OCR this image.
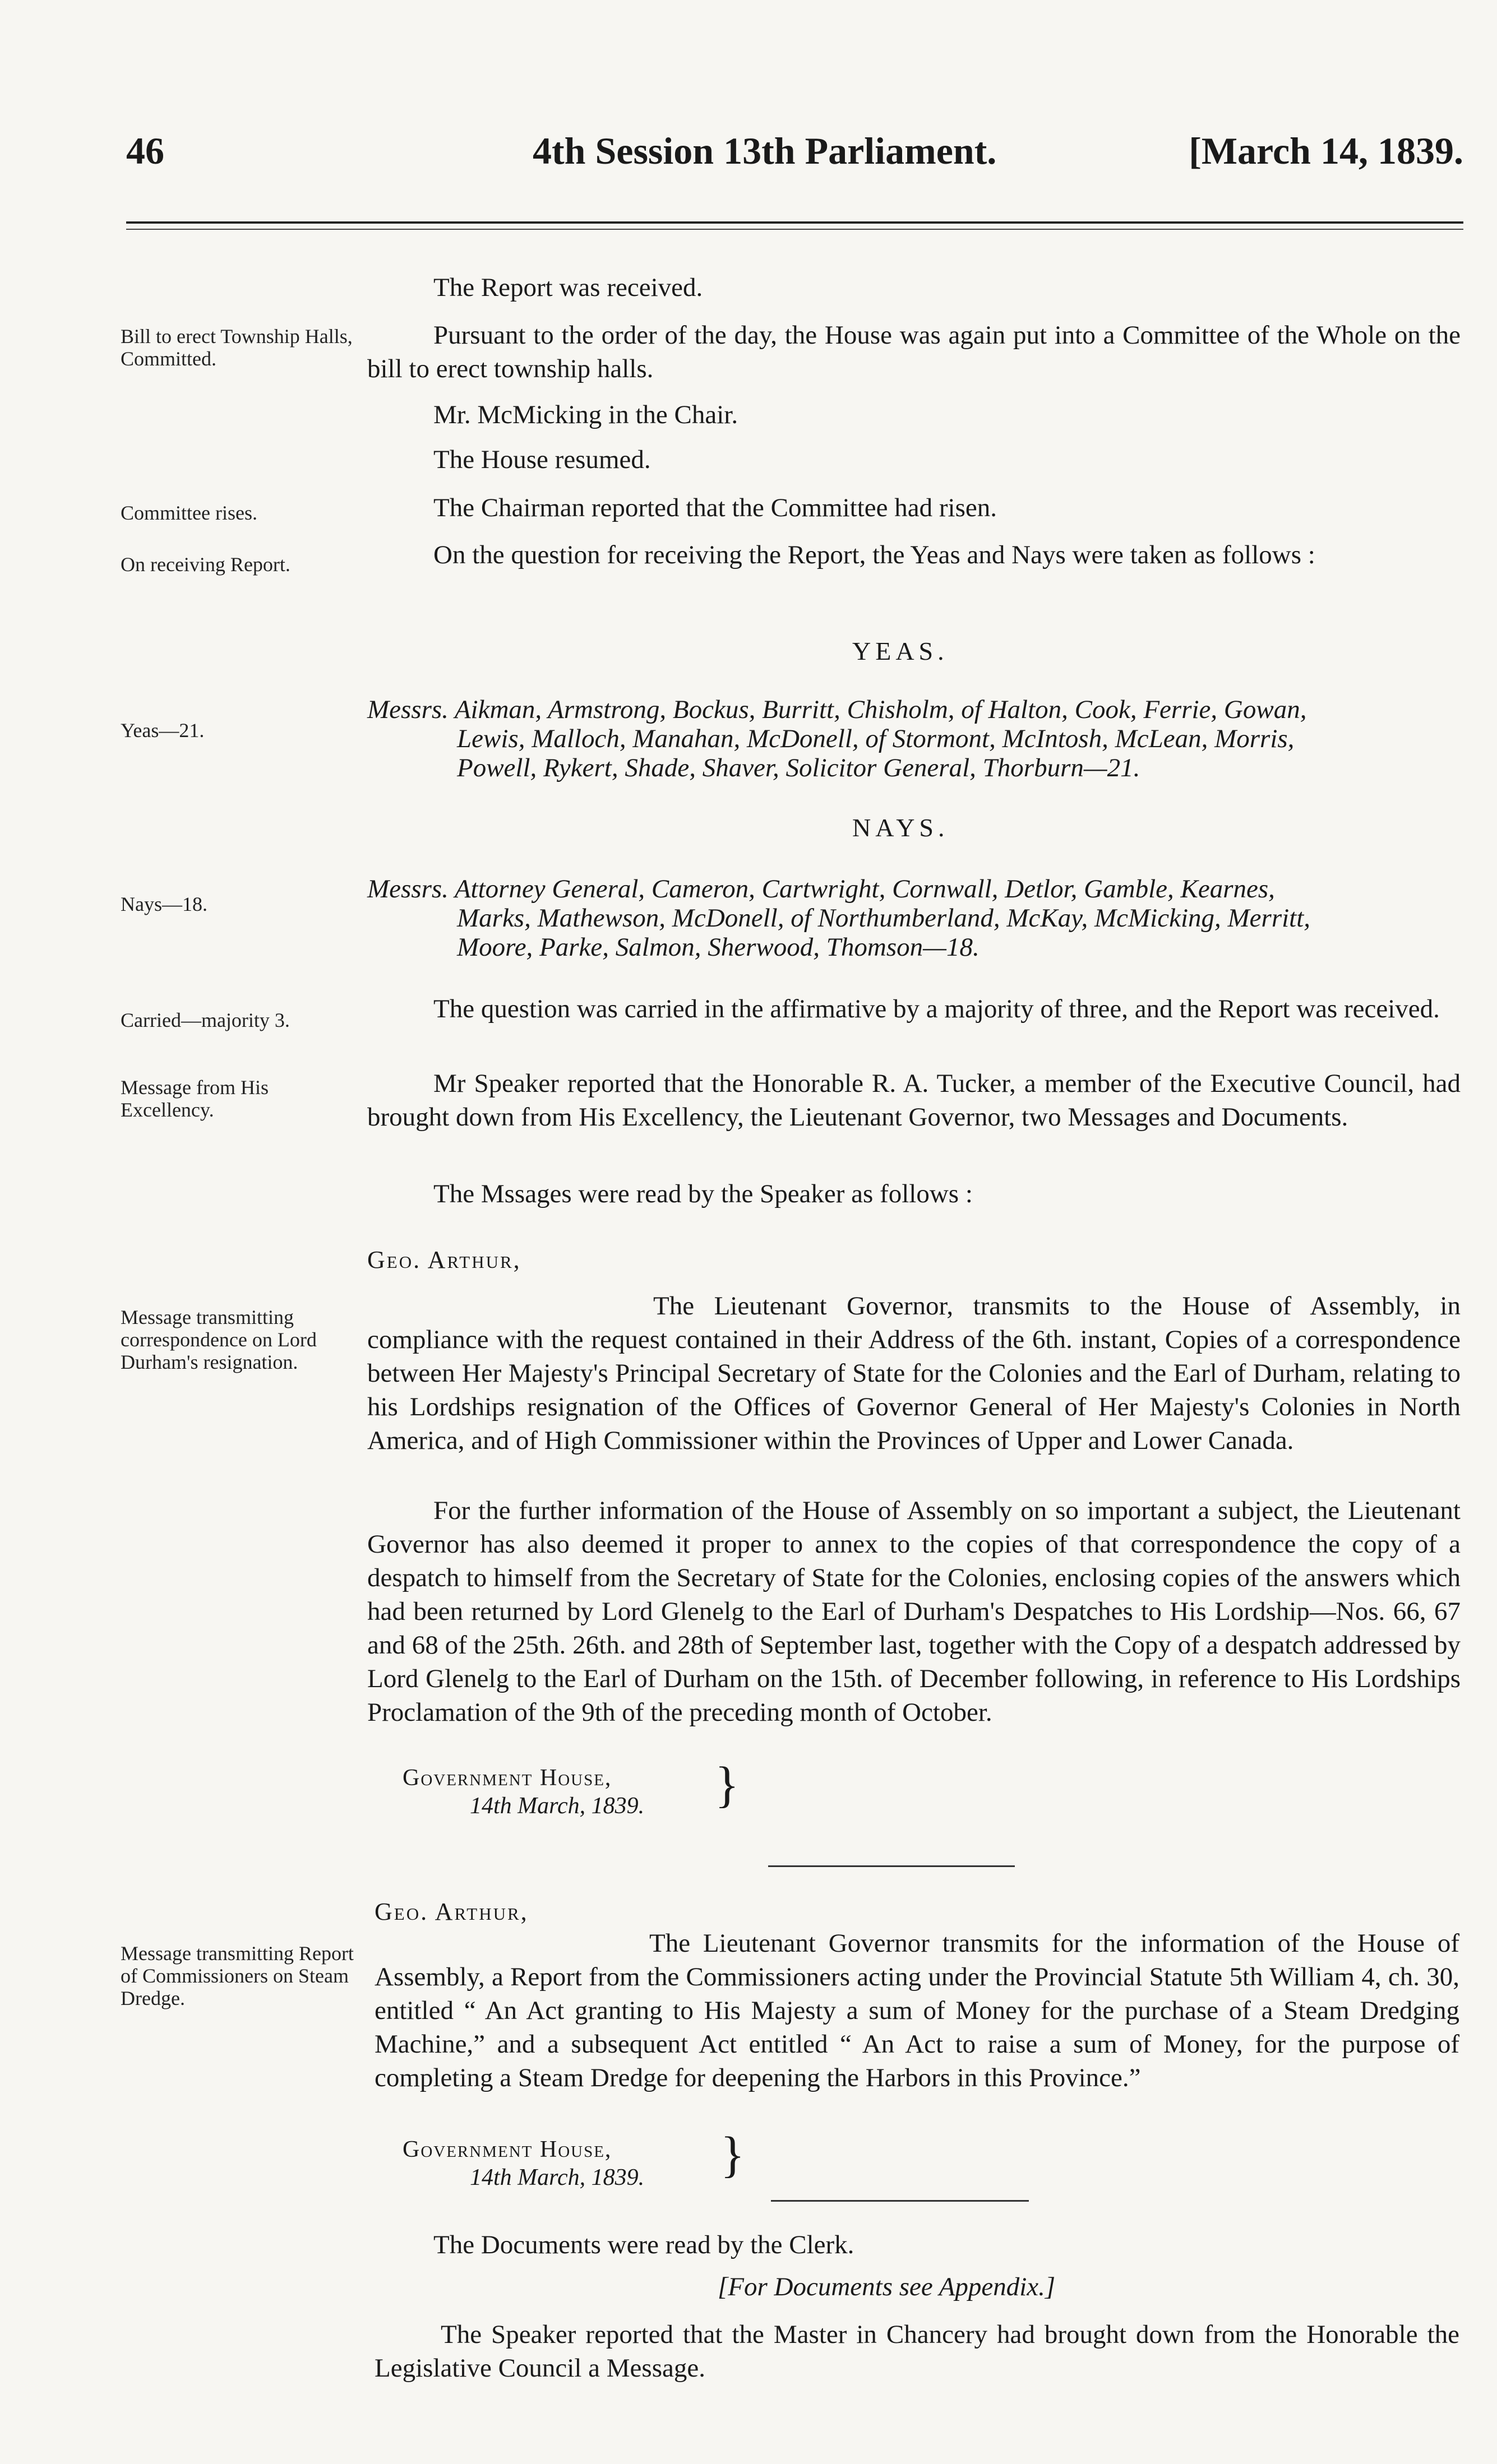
46	4th Session 13th Parliament.	[March 14, 1839.
The Report was received.
Bill to erect Township Halls, Committed.
Pursuant to the order of the day, the House was again put into a Committee of the Whole on the bill to erect township halls.
Mr. McMicking in the Chair.
The House resumed.
Committee rises.	The Chairman reported that the Committee had risen.
On receiving Report.	On the question for receiving the Report, the Yeas and Nays were taken as follows :
YEAS.
Yeas—21.
Messrs. Aikman, Armstrong, Bockus, Burritt, Chisholm, of Halton, Cook, Ferrie, Gowan,
Lewis, Malloch, Manahan, McDonell, of Stormont, McIntosh, McLean, Morris,
Powell, Rykert, Shade, Shaver, Solicitor General, Thorburn—21.
NAYS.
Nays—18.
Messrs. Attorney General, Cameron, Cartwright, Cornwall, Detlor, Gamble, Kearnes,
Marks, Mathewson, McDonell, of Northumberland, McKay, McMicking, Merritt,
Moore, Parke, Salmon, Sherwood, Thomson—18.
Carried—majority 3.	The question was carried in the affirmative by a majority of three, and the Report was received.
Message from His Excellency.
Mr Speaker reported that the Honorable R. A. Tucker, a member of the Executive Council, had brought down from His Excellency, the Lieutenant Governor, two Messages and Documents.
The Mssages were read by the Speaker as follows :
Geo. Arthur,
Message transmitting correspondence on Lord Durham's resignation.
The Lieutenant Governor, transmits to the House of Assembly, in compliance with the request contained in their Address of the 6th. instant, Copies of a correspondence between Her Majesty's Principal Secretary of State for the Colonies and the Earl of Durham, relating to his Lordships resignation of the Offices of Governor General of Her Majesty's Colonies in North America, and of High Commissioner within the Provinces of Upper and Lower Canada.
For the further information of the House of Assembly on so important a subject, the Lieutenant Governor has also deemed it proper to annex to the copies of that correspondence the copy of a despatch to himself from the Secretary of State for the Colonies, enclosing copies of the answers which had been returned by Lord Glenelg to the Earl of Durham's Despatches to His Lordship—Nos. 66, 67 and 68 of the 25th. 26th. and 28th of September last, together with the Copy of a despatch addressed by Lord Glenelg to the Earl of Durham on the 15th. of December following, in reference to His Lordships Proclamation of the 9th of the preceding month of October.
Government House,
14th March, 1839. }
Geo. Arthur,
Message transmitting Report of Commissioners on Steam Dredge.
The Lieutenant Governor transmits for the information of the House of Assembly, a Report from the Commissioners acting under the Provincial Statute 5th William 4, ch. 30, entitled “ An Act granting to His Majesty a sum of Money for the purchase of a Steam Dredging Machine,” and a subsequent Act entitled “ An Act to raise a sum of Money, for the purpose of completing a Steam Dredge for deepening the Harbors in this Province.”
Government House,
14th March, 1839. }
The Documents were read by the Clerk.
[For Documents see Appendix.]
The Speaker reported that the Master in Chancery had brought down from the Honorable the Legislative Council a Message.
